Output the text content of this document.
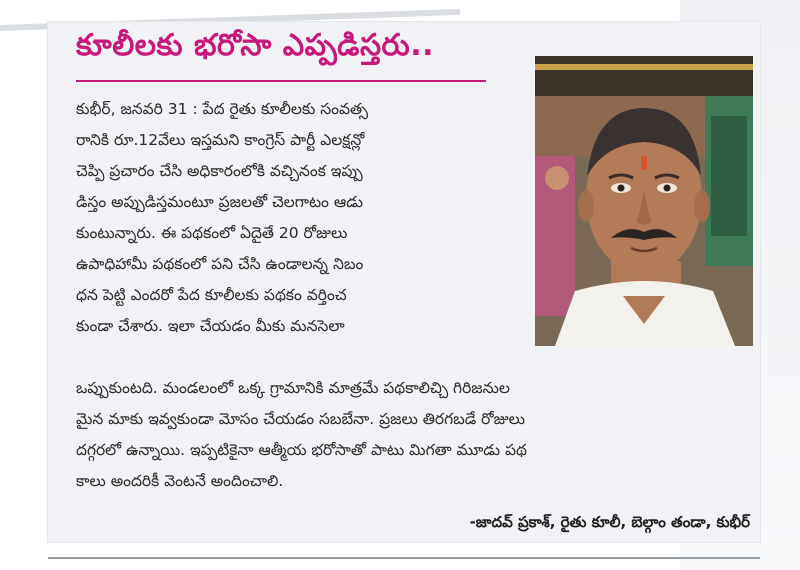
కూలీలకు భరోసా ఎప్పడిస్తరు..
కుభీర్, జనవరి 31 : పేద రైతు కూలీలకు సంవత్స
రానికి రూ.12వేలు ఇస్తమని కాంగ్రెస్ పార్టీ ఎలక్షన్లో
చెప్పి ప్రచారం చేసి అధికారంలోకి వచ్చినంక ఇప్పు
డిస్తం అప్పుడిస్తమంటూ ప్రజలతో చెలగాటం ఆడు
కుంటున్నారు. ఈ పథకంలో ఏదైతే 20 రోజులు
ఉపాధిహామీ పథకంలో పని చేసి ఉండాలన్న నిబం
ధన పెట్టి ఎందరో పేద కూలీలకు పథకం వర్తించ
కుండా చేశారు. ఇలా చేయడం మీకు మనసెలా
ఒప్పుకుంటది. మండలంలో ఒక్క గ్రామానికి మాత్రమే పథకాలిచ్చి గిరిజనుల
మైన మాకు ఇవ్వకుండా మోసం చేయడం సబబేనా. ప్రజలు తిరగబడే రోజులు
దగ్గరలో ఉన్నాయి. ఇప్పటికైనా ఆత్మీయ భరోసాతో పాటు మిగతా మూడు పథ
కాలు అందరికీ వెంటనే అందించాలి.
-జాదవ్ ప్రకాశ్, రైతు కూలీ, బెల్గాం తండా, కుభీర్
